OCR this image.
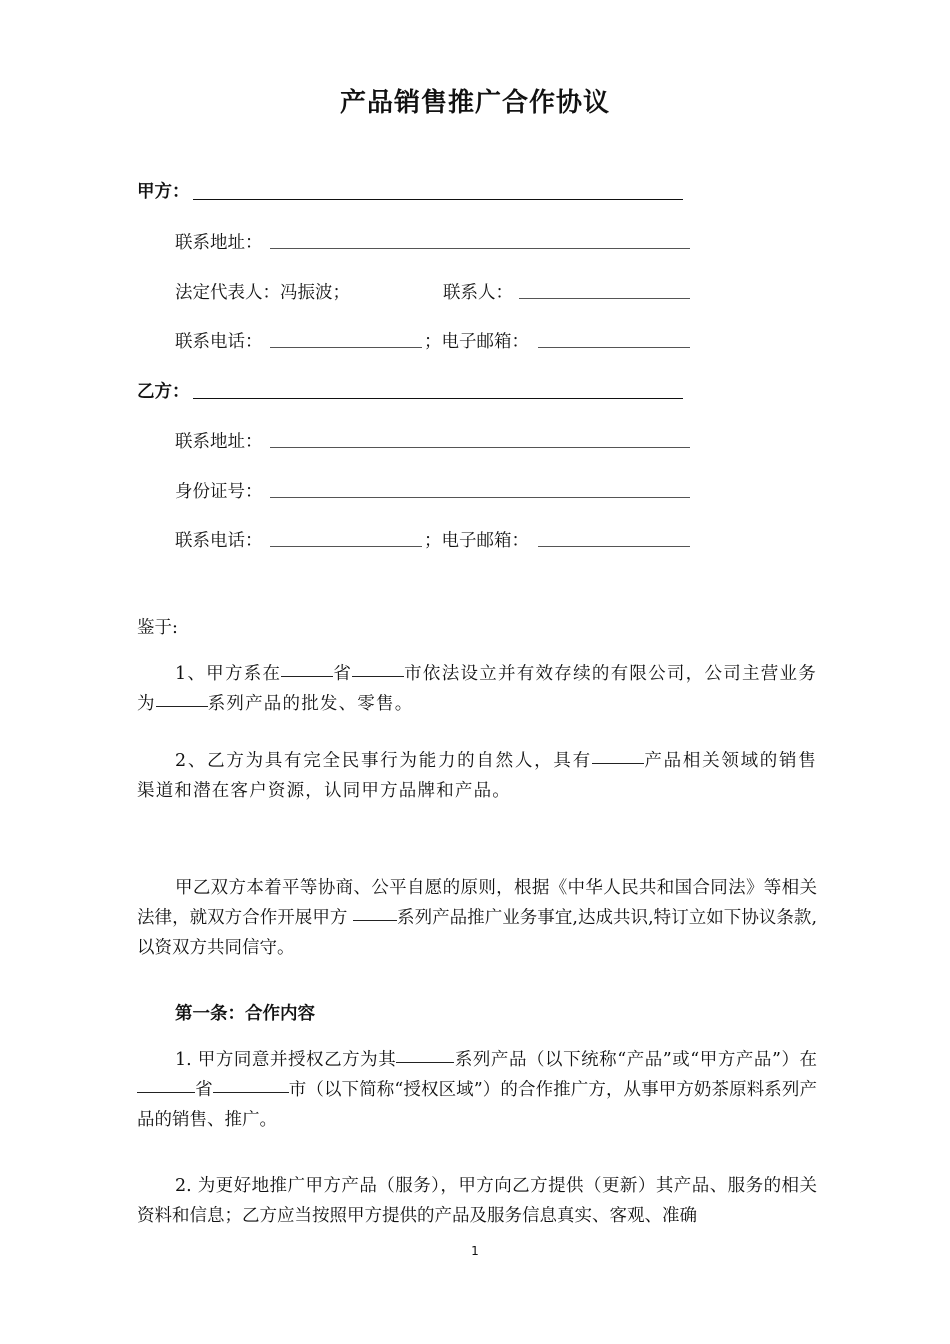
产品销售推广合作协议
甲方：
联系地址：
法定代表人：冯振波；	联系人：
联系电话：	；电子邮箱：
乙方：
联系地址：
身份证号：
联系电话：	；电子邮箱：
鉴于:
1、甲方系在	省	市依法设立并有效存续的有限公司，公司主营业务为	系列产品的批发、零售。
2、乙方为具有完全民事行为能力的自然人，具有	产品相关领域的销售渠道和潜在客户资源，认同甲方品牌和产品。
甲乙双方本着平等协商、公平自愿的原则，根据《中华人民共和国合同法》等相关法律，就双方合作开展甲方	系列产品推广业务事宜,达成共识,特订立如下协议条款,以资双方共同信守。
第一条：合作内容
1. 甲方同意并授权乙方为其	系列产品（以下统称“产品”或“甲方产品”）在省	市（以下简称“授权区域”）的合作推广方，从事甲方奶茶原料系列产品的销售、推广。
2. 为更好地推广甲方产品（服务），甲方向乙方提供（更新）其产品、服务的相关资料和信息；乙方应当按照甲方提供的产品及服务信息真实、客观、准确
1
